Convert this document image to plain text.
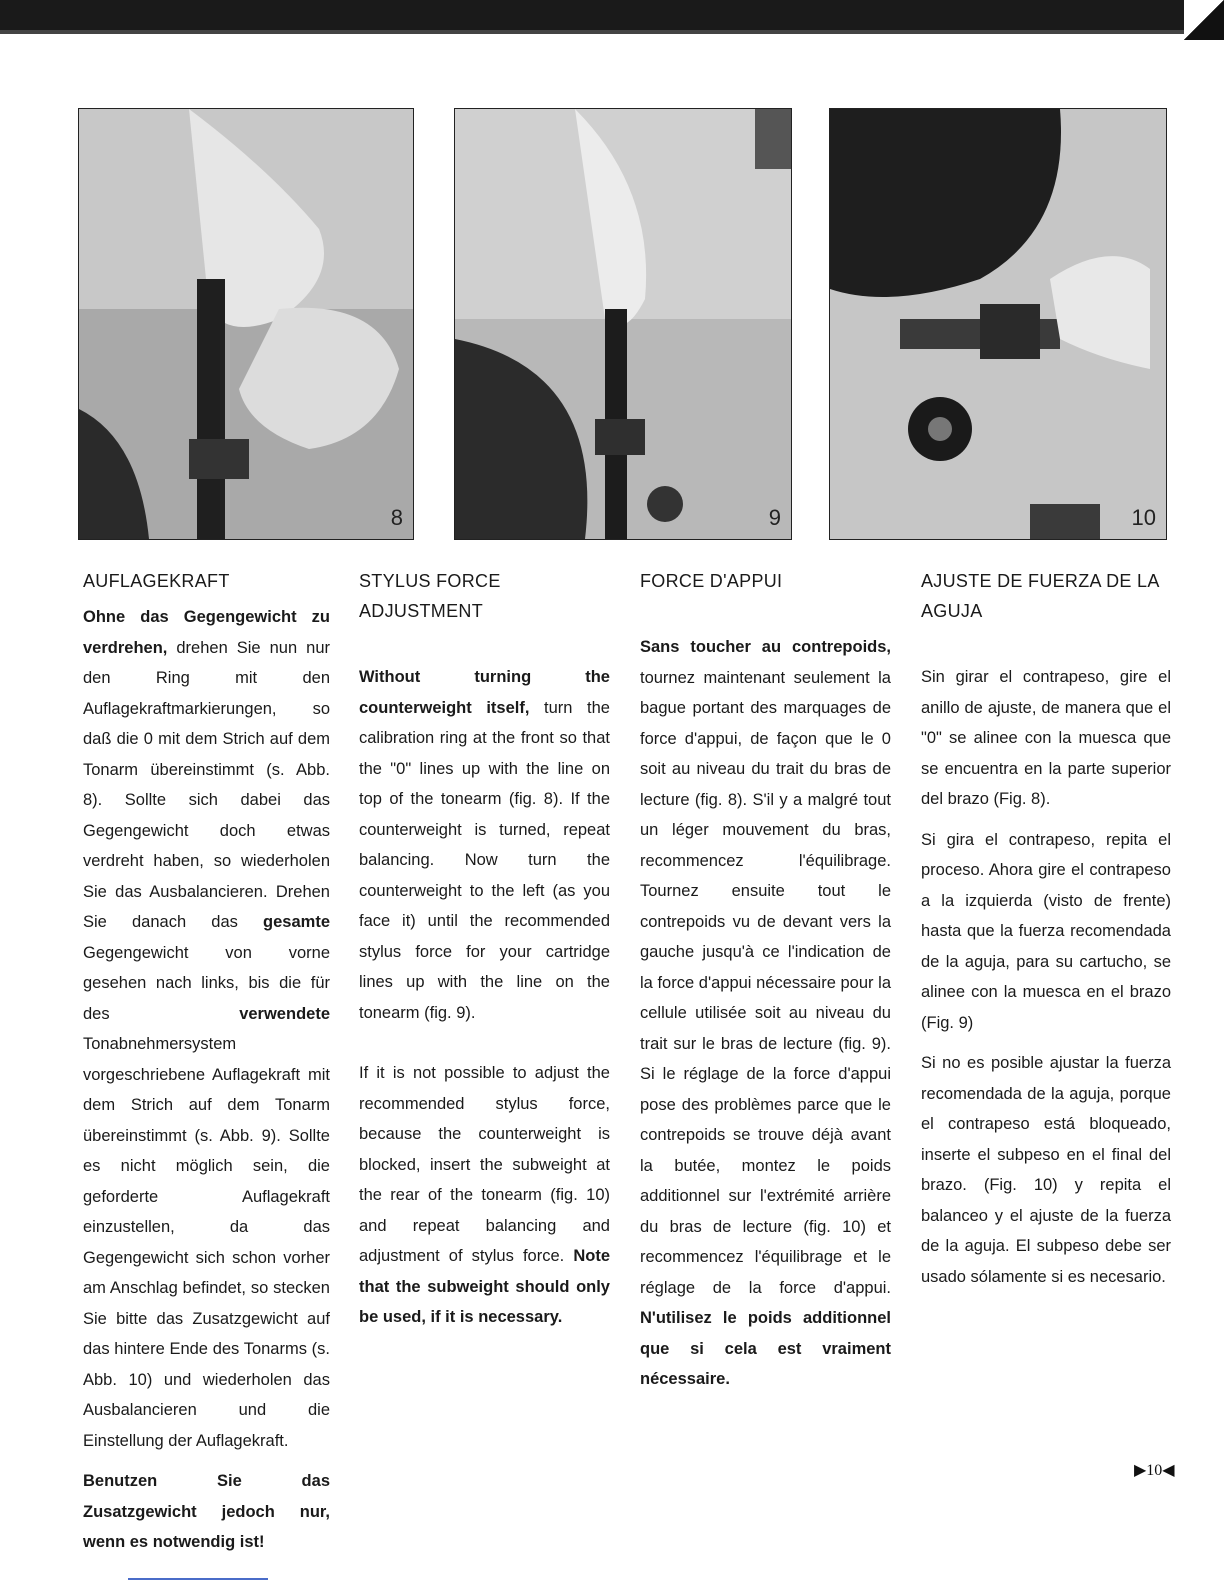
8	9	10
AUFLAGEKRAFT

Ohne das Gegengewicht zu verdrehen, drehen Sie nun nur den Ring mit den Auflagekraftmarkierungen, so daß die 0 mit dem Strich auf dem Tonarm übereinstimmt (s. Abb. 8). Sollte sich dabei das Gegengewicht doch etwas verdreht haben, so wiederholen Sie das Ausbalancieren. Drehen Sie danach das gesamte Gegengewicht von vorne gesehen nach links, bis die für des verwendete Tonabnehmersystem vorgeschriebene Auflagekraft mit dem Strich auf dem Tonarm übereinstimmt (s. Abb. 9). Sollte es nicht möglich sein, die geforderte Auflagekraft einzustellen, da das Gegengewicht sich schon vorher am Anschlag befindet, so stecken Sie bitte das Zusatzgewicht auf das hintere Ende des Tonarms (s. Abb. 10) und wiederholen das Ausbalancieren und die Einstellung der Auflagekraft.

Benutzen Sie das Zusatzgewicht jedoch nur, wenn es notwendig ist!

STYLUS FORCE ADJUSTMENT

Without turning the counterweight itself, turn the calibration ring at the front so that the "0" lines up with the line on top of the tonearm (fig. 8). If the counterweight is turned, repeat balancing. Now turn the counterweight to the left (as you face it) until the recommended stylus force for your cartridge lines up with the line on the tonearm (fig. 9).

If it is not possible to adjust the recommended stylus force, because the counterweight is blocked, insert the subweight at the rear of the tonearm (fig. 10) and repeat balancing and adjustment of stylus force. Note that the subweight should only be used, if it is necessary.

FORCE D'APPUI

Sans toucher au contrepoids, tournez maintenant seulement la bague portant des marquages de force d'appui, de façon que le 0 soit au niveau du trait du bras de lecture (fig. 8). S'il y a malgré tout un léger mouvement du bras, recommencez l'équilibrage. Tournez ensuite tout le contrepoids vu de devant vers la gauche jusqu'à ce l'indication de la force d'appui nécessaire pour la cellule utilisée soit au niveau du trait sur le bras de lecture (fig. 9). Si le réglage de la force d'appui pose des problèmes parce que le contrepoids se trouve déjà avant la butée, montez le poids additionnel sur l'extrémité arrière du bras de lecture (fig. 10) et recommencez l'équilibrage et le réglage de la force d'appui. N'utilisez le poids additionnel que si cela est vraiment nécessaire.

AJUSTE DE FUERZA DE LA AGUJA

Sin girar el contrapeso, gire el anillo de ajuste, de manera que el "0" se alinee con la muesca que se encuentra en la parte superior del brazo (Fig. 8).

Si gira el contrapeso, repita el proceso. Ahora gire el contrapeso a la izquierda (visto de frente) hasta que la fuerza recomendada de la aguja, para su cartucho, se alinee con la muesca en el brazo (Fig. 9)

Si no es posible ajustar la fuerza recomendada de la aguja, porque el contrapeso está bloqueado, inserte el subpeso en el final del brazo. (Fig. 10) y repita el balanceo y el ajuste de la fuerza de la aguja. El subpeso debe ser usado sólamente si es necesario.

▶10◀
